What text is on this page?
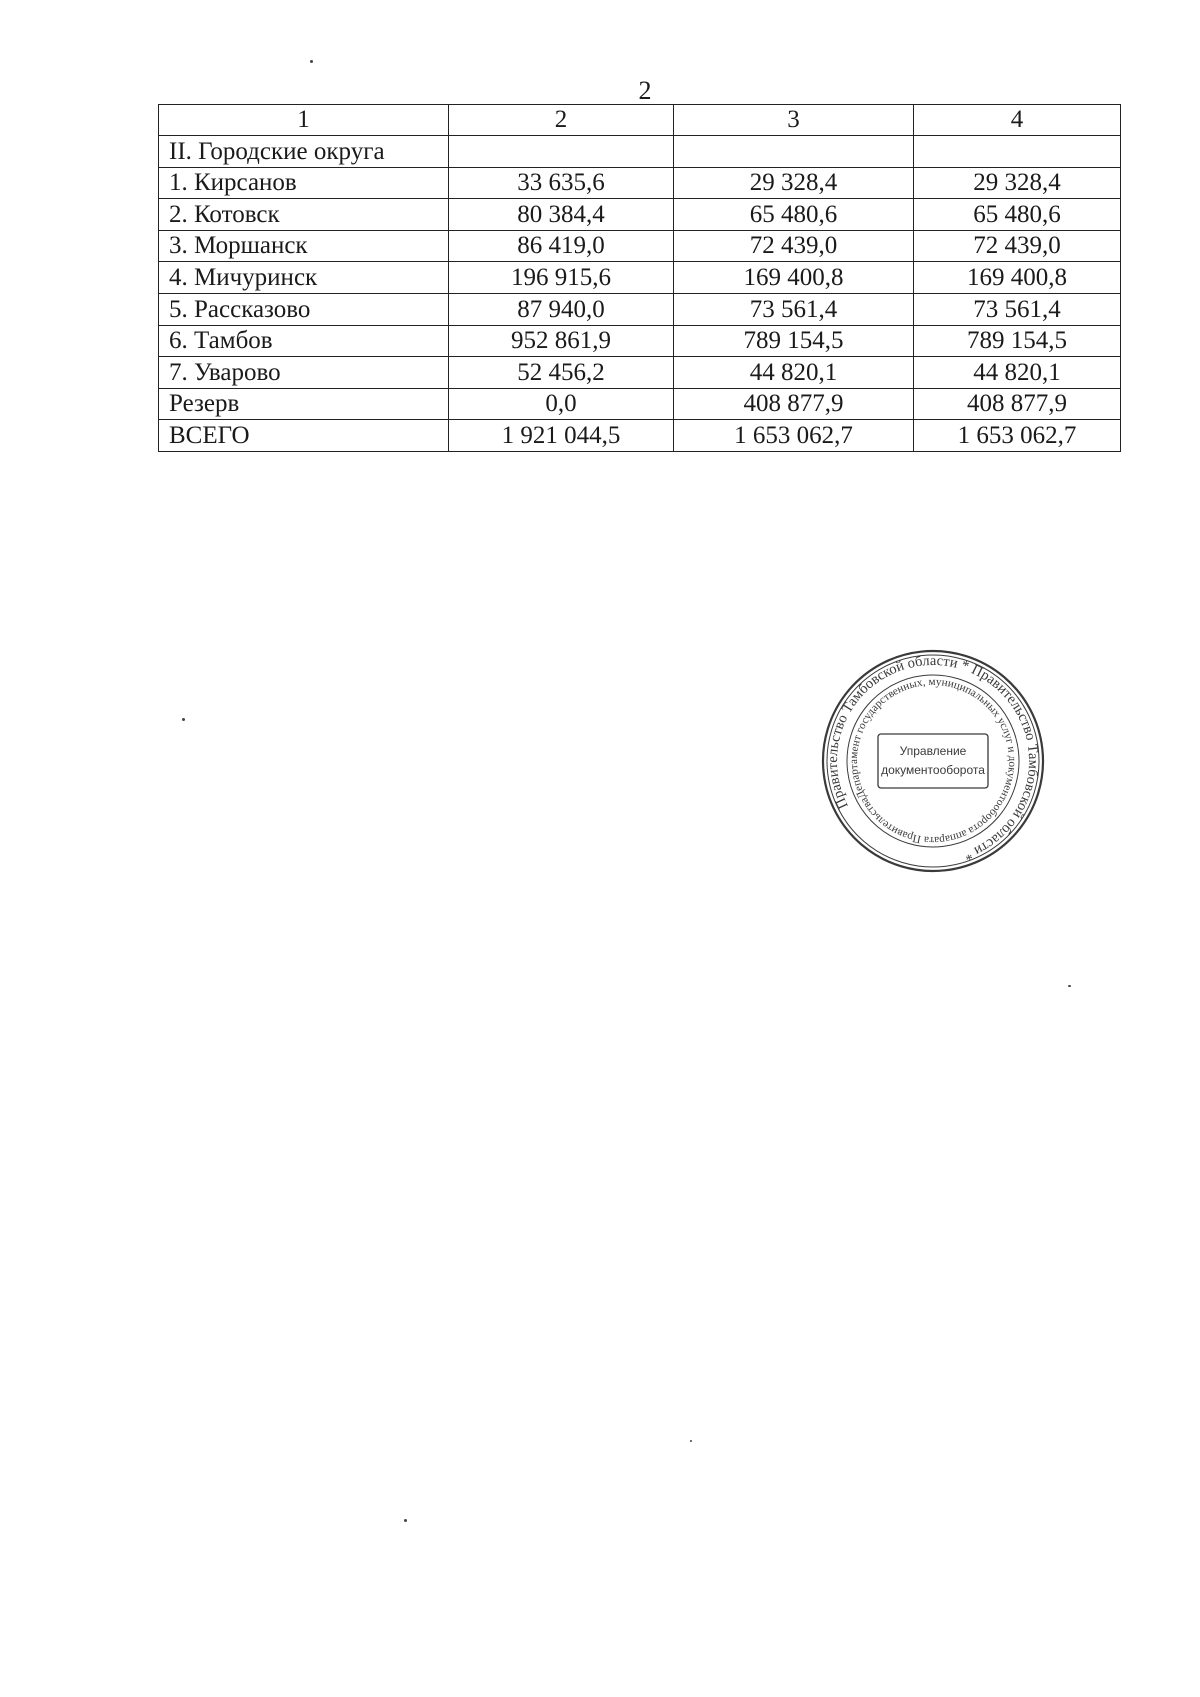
2
1	2	3	4
II. Городские округа			
1. Кирсанов	33 635,6	29 328,4	29 328,4
2. Котовск	80 384,4	65 480,6	65 480,6
3. Моршанск	86 419,0	72 439,0	72 439,0
4. Мичуринск	196 915,6	169 400,8	169 400,8
5. Рассказово	87 940,0	73 561,4	73 561,4
6. Тамбов	952 861,9	789 154,5	789 154,5
7. Уварово	52 456,2	44 820,1	44 820,1
Резерв	0,0	408 877,9	408 877,9
ВСЕГО	1 921 044,5	1 653 062,7	1 653 062,7
Правительство Тамбовской области * Правительство Тамбовской области *
Департамент государственных, муниципальных услуг и документооборота аппарата Правительства
Управление
документооборота
